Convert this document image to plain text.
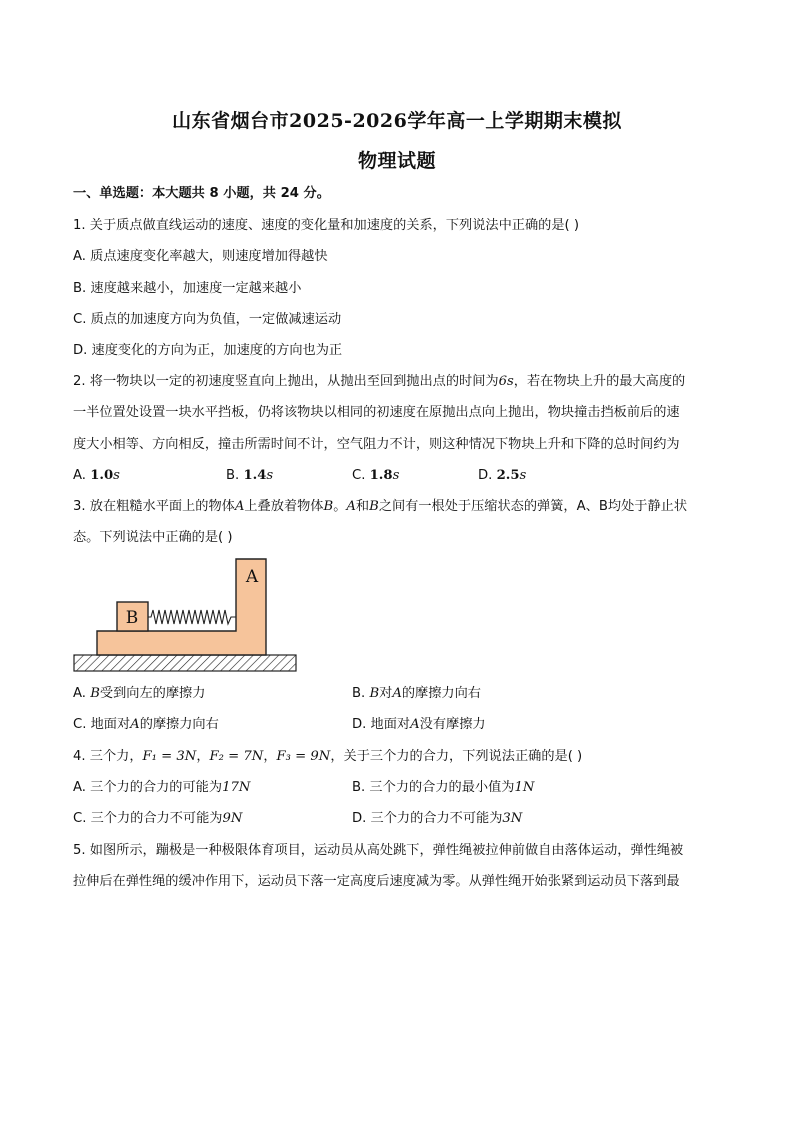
山东省烟台市2025-2026学年高一上学期期末模拟
物理试题
一、单选题：本大题共 8 小题，共 24 分。
1. 关于质点做直线运动的速度、速度的变化量和加速度的关系，下列说法中正确的是( )
A. 质点速度变化率越大，则速度增加得越快
B. 速度越来越小，加速度一定越来越小
C. 质点的加速度方向为负值，一定做减速运动
D. 速度变化的方向为正，加速度的方向也为正
2. 将一物块以一定的初速度竖直向上抛出，从抛出至回到抛出点的时间为6s，若在物块上升的最大高度的
一半位置处设置一块水平挡板，仍将该物块以相同的初速度在原抛出点向上抛出，物块撞击挡板前后的速
度大小相等、方向相反，撞击所需时间不计，空气阻力不计，则这种情况下物块上升和下降的总时间约为
A. 1.0s	B. 1.4s	C. 1.8s	D. 2.5s
3. 放在粗糙水平面上的物体A上叠放着物体B。A和B之间有一根处于压缩状态的弹簧，A、B均处于静止状
态。下列说法中正确的是( )
A
B
A. B受到向左的摩擦力	B. B对A的摩擦力向右
C. 地面对A的摩擦力向右	D. 地面对A没有摩擦力
4. 三个力，F₁ = 3N，F₂ = 7N，F₃ = 9N，关于三个力的合力，下列说法正确的是( )
A. 三个力的合力的可能为17N	B. 三个力的合力的最小值为1N
C. 三个力的合力不可能为9N	D. 三个力的合力不可能为3N
5. 如图所示，蹦极是一种极限体育项目，运动员从高处跳下，弹性绳被拉伸前做自由落体运动，弹性绳被
拉伸后在弹性绳的缓冲作用下，运动员下落一定高度后速度减为零。从弹性绳开始张紧到运动员下落到最
